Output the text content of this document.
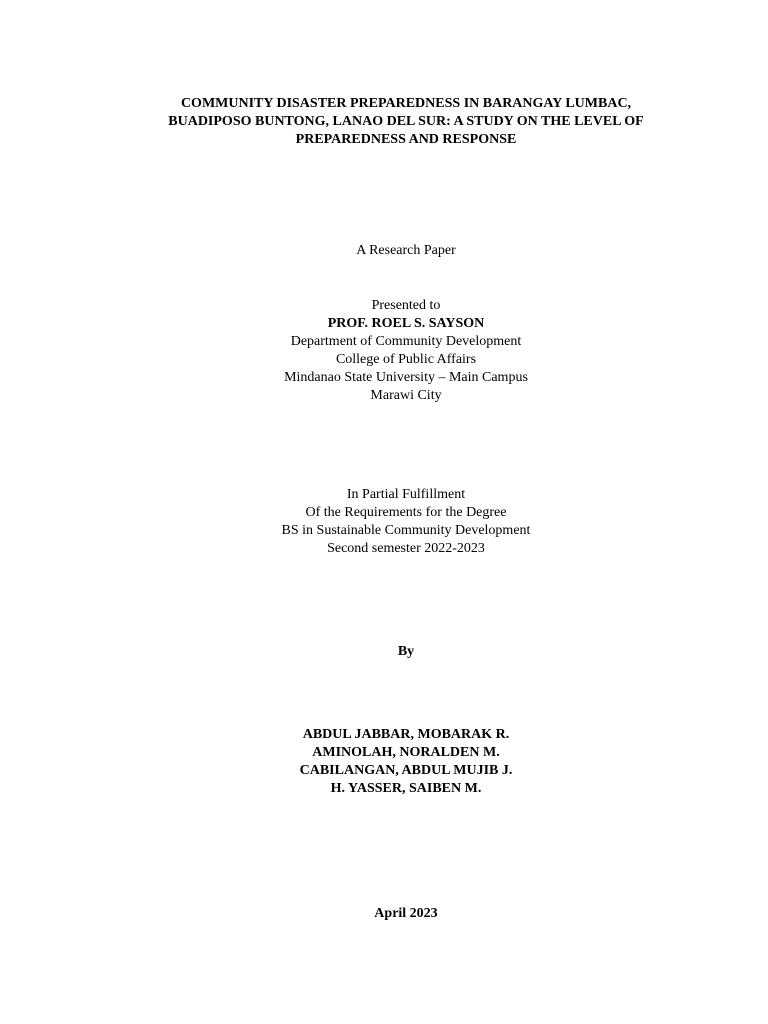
COMMUNITY DISASTER PREPAREDNESS IN BARANGAY LUMBAC,
BUADIPOSO BUNTONG, LANAO DEL SUR: A STUDY ON THE LEVEL OF
PREPAREDNESS AND RESPONSE
A Research Paper
Presented to
PROF. ROEL S. SAYSON
Department of Community Development
College of Public Affairs
Mindanao State University – Main Campus
Marawi City
In Partial Fulfillment
Of the Requirements for the Degree
BS in Sustainable Community Development
Second semester 2022-2023
By
ABDUL JABBAR, MOBARAK R.
AMINOLAH, NORALDEN M.
CABILANGAN, ABDUL MUJIB J.
H. YASSER, SAIBEN M.
April 2023
